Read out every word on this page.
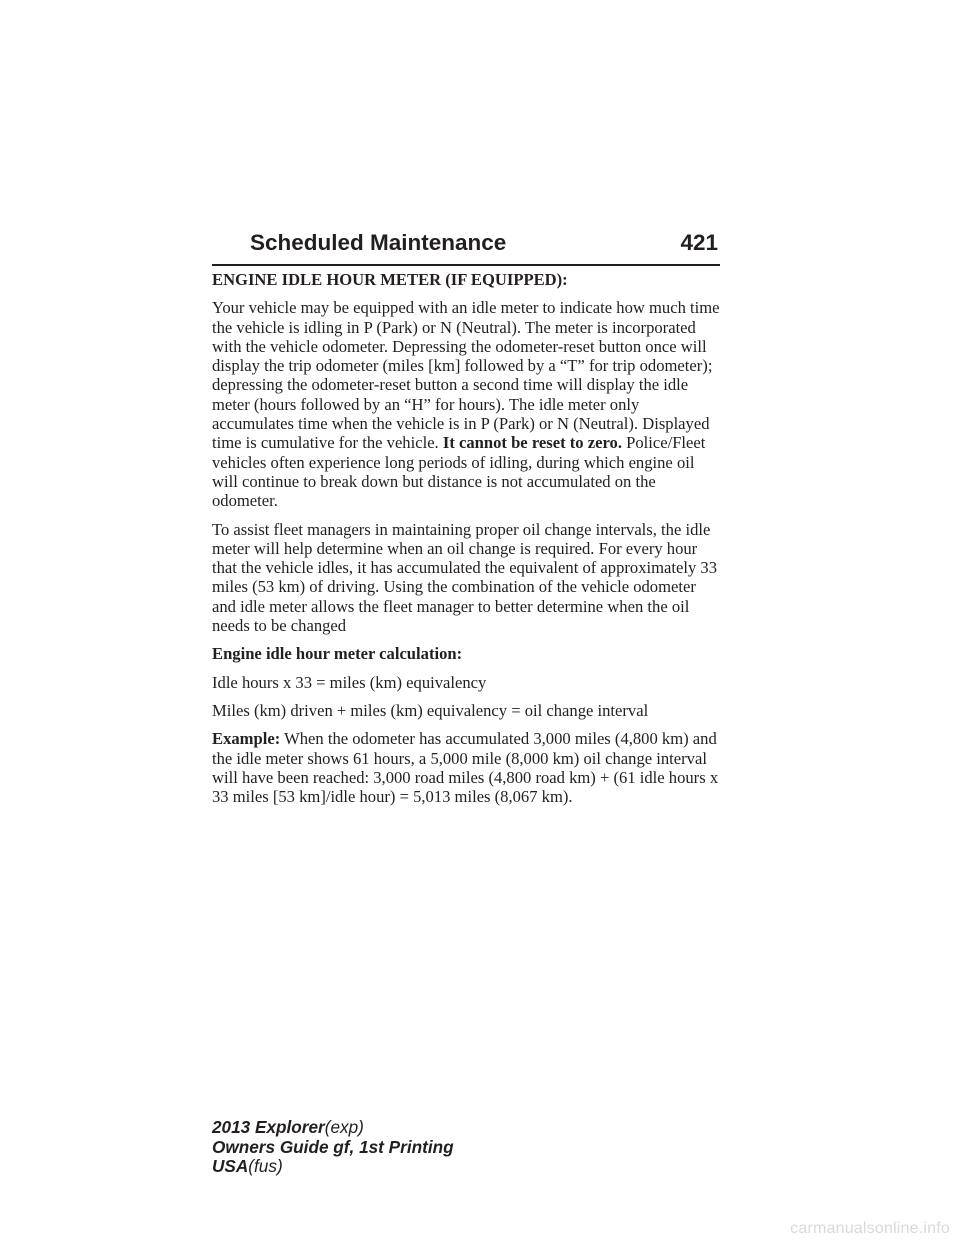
Scheduled Maintenance	421

ENGINE IDLE HOUR METER (IF EQUIPPED):

Your vehicle may be equipped with an idle meter to indicate how much time the vehicle is idling in P (Park) or N (Neutral). The meter is incorporated with the vehicle odometer. Depressing the odometer-reset button once will display the trip odometer (miles [km] followed by a “T” for trip odometer); depressing the odometer-reset button a second time will display the idle meter (hours followed by an “H” for hours). The idle meter only accumulates time when the vehicle is in P (Park) or N (Neutral). Displayed time is cumulative for the vehicle. It cannot be reset to zero. Police/Fleet vehicles often experience long periods of idling, during which engine oil will continue to break down but distance is not accumulated on the odometer.

To assist fleet managers in maintaining proper oil change intervals, the idle meter will help determine when an oil change is required. For every hour that the vehicle idles, it has accumulated the equivalent of approximately 33 miles (53 km) of driving. Using the combination of the vehicle odometer and idle meter allows the fleet manager to better determine when the oil needs to be changed

Engine idle hour meter calculation:

Idle hours x 33 = miles (km) equivalency

Miles (km) driven + miles (km) equivalency = oil change interval

Example: When the odometer has accumulated 3,000 miles (4,800 km) and the idle meter shows 61 hours, a 5,000 mile (8,000 km) oil change interval will have been reached: 3,000 road miles (4,800 road km) + (61 idle hours x 33 miles [53 km]/idle hour) = 5,013 miles (8,067 km).

2013 Explorer(exp)
Owners Guide gf, 1st Printing
USA(fus)
carmanualsonline.info
